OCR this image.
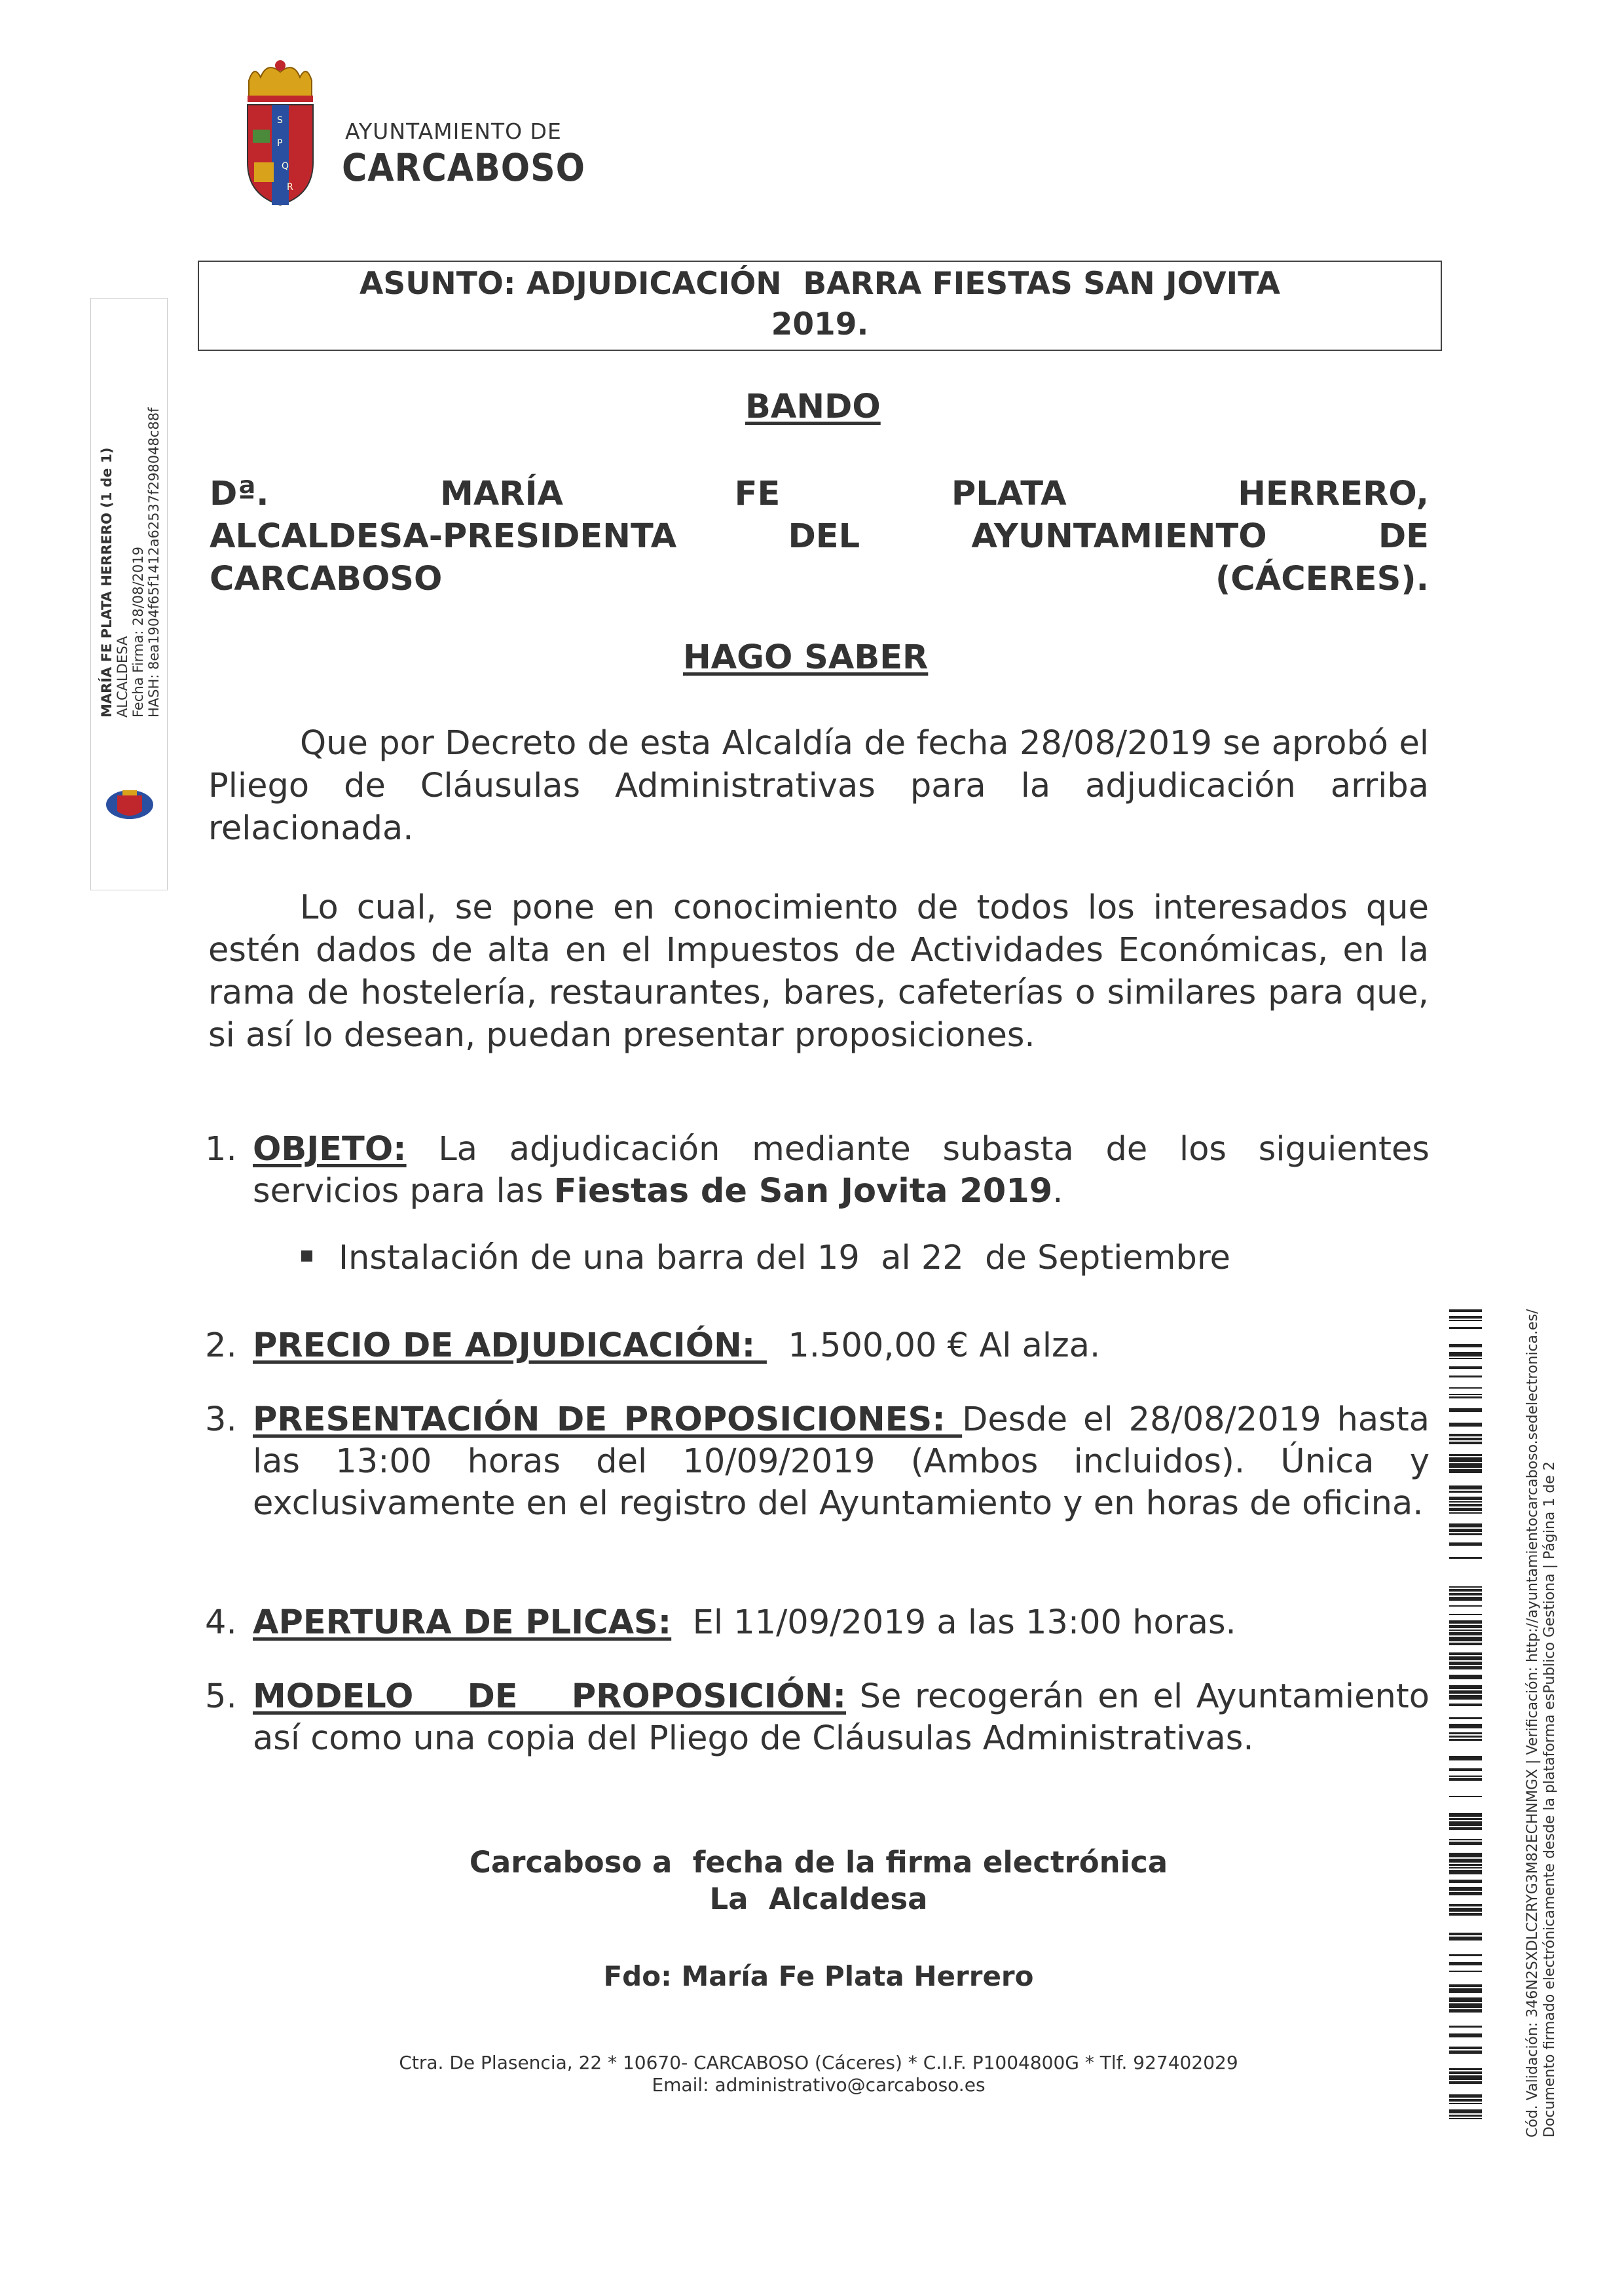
S
P
Q
R
AYUNTAMIENTO DE
CARCABOSO
ASUNTO: ADJUDICACIÓN  BARRA FIESTAS SAN JOVITA
2019.
BANDO
Dª.	MARÍA	FE	PLATA	HERRERO,
ALCALDESA-PRESIDENTA	DEL	AYUNTAMIENTO	DE
CARCABOSO (CÁCERES).
HAGO SABER
Que por Decreto de esta Alcaldía de fecha 28/08/2019 se aprobó el Pliego de Cláusulas Administrativas para la adjudicación arriba relacionada.
Lo cual, se pone en conocimiento de todos los interesados que estén dados de alta en el Impuestos de Actividades Económicas, en la rama de hostelería, restaurantes, bares, cafeterías o similares para que, si así lo desean, puedan presentar proposiciones.
1. OBJETO: La adjudicación mediante subasta de los siguientes servicios para las Fiestas de San Jovita 2019.
Instalación de una barra del 19  al 22  de Septiembre
2. PRECIO DE ADJUDICACIÓN:   1.500,00 € Al alza.
3. PRESENTACIÓN DE PROPOSICIONES: Desde el 28/08/2019 hasta las 13:00 horas del 10/09/2019 (Ambos incluidos). Única y exclusivamente en el registro del Ayuntamiento y en horas de oficina.
4. APERTURA DE PLICAS:  El 11/09/2019 a las 13:00 horas.
5. MODELO DE PROPOSICIÓN: Se recogerán en el Ayuntamiento así como una copia del Pliego de Cláusulas Administrativas.
Carcaboso a  fecha de la firma electrónica
La  Alcaldesa
Fdo: María Fe Plata Herrero
Ctra. De Plasencia, 22 * 10670- CARCABOSO (Cáceres) * C.I.F. P1004800G * Tlf. 927402029
Email: administrativo@carcaboso.es
MARÍA FE PLATA HERRERO (1 de 1) ALCALDESA Fecha Firma: 28/08/2019 HASH: 8ea1904f65f1412a62537f298048c88f
Cód. Validación: 346N2SXDLCZRYG3M82ECHNMGX | Verificación: http://ayuntamientocarcaboso.sedelectronica.es/ Documento firmado electrónicamente desde la plataforma esPublico Gestiona | Página 1 de 2
